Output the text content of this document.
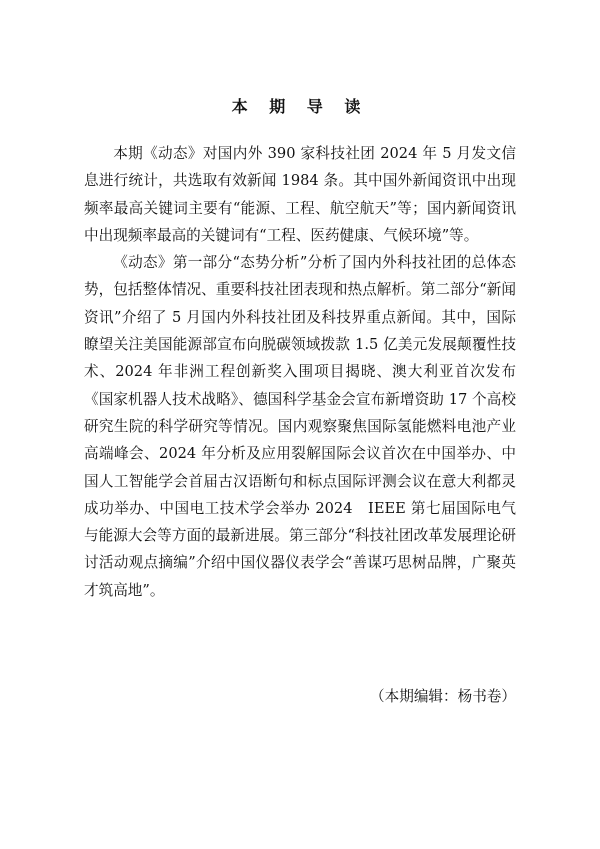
本 期 导 读

本期《动态》对国内外 390 家科技社团 2024 年 5 月发文信息进行统计，共选取有效新闻 1984 条。其中国外新闻资讯中出现频率最高关键词主要有“能源、工程、航空航天”等；国内新闻资讯中出现频率最高的关键词有“工程、医药健康、气候环境”等。

《动态》第一部分“态势分析”分析了国内外科技社团的总体态势，包括整体情况、重要科技社团表现和热点解析。第二部分“新闻资讯”介绍了 5 月国内外科技社团及科技界重点新闻。其中，国际瞭望关注美国能源部宣布向脱碳领域拨款 1.5 亿美元发展颠覆性技术、2024 年非洲工程创新奖入围项目揭晓、澳大利亚首次发布《国家机器人技术战略》、德国科学基金会宣布新增资助 17 个高校研究生院的科学研究等情况。国内观察聚焦国际氢能燃料电池产业高端峰会、2024 年分析及应用裂解国际会议首次在中国举办、中国人工智能学会首届古汉语断句和标点国际评测会议在意大利都灵成功举办、中国电工技术学会举办 2024　IEEE 第七届国际电气与能源大会等方面的最新进展。第三部分“科技社团改革发展理论研讨活动观点摘编”介绍中国仪器仪表学会“善谋巧思树品牌，广聚英才筑高地”。

（本期编辑：杨书卷）
